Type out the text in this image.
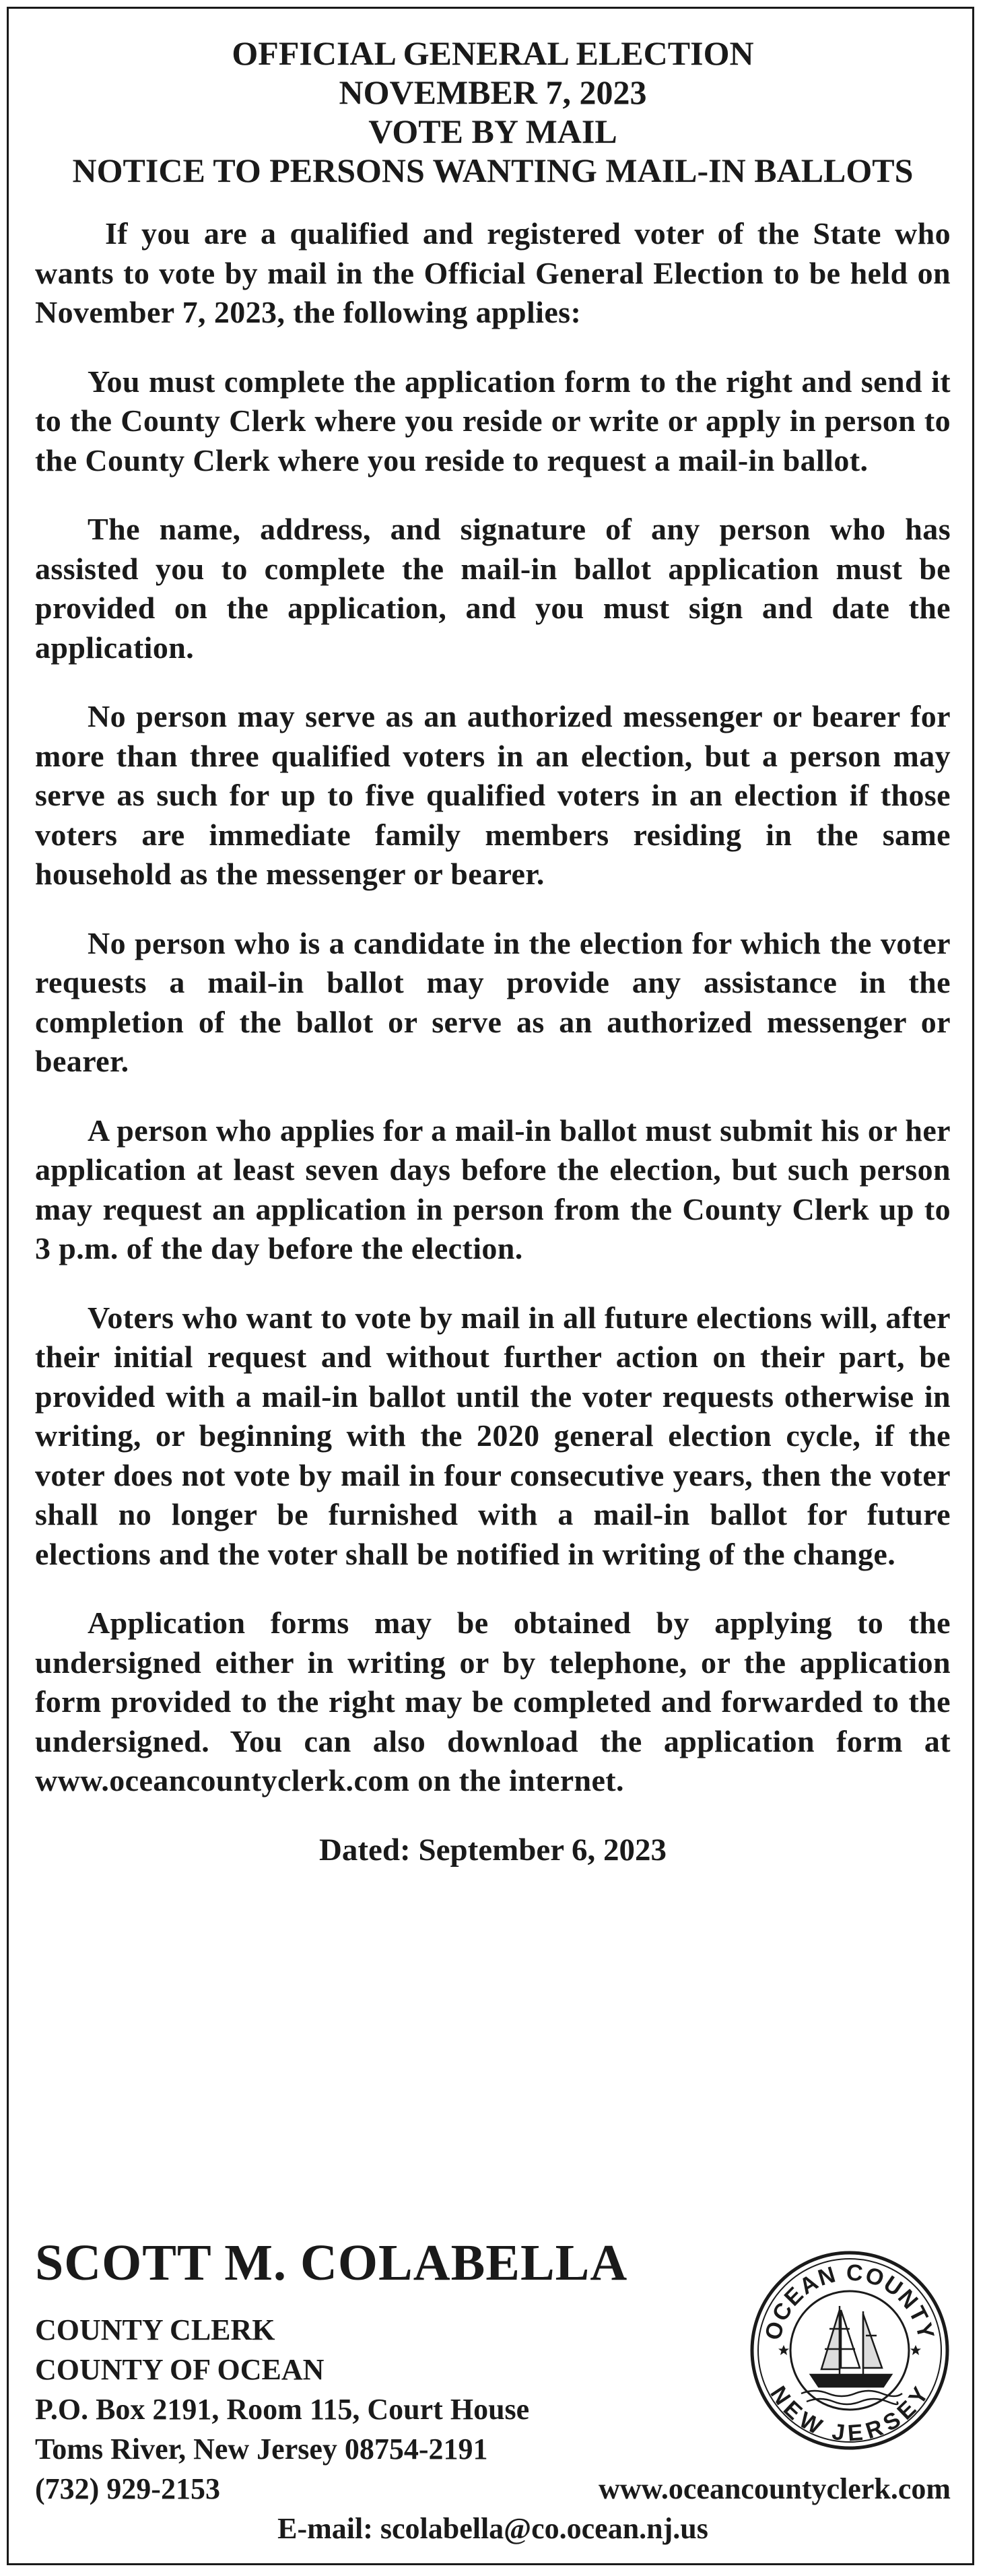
OFFICIAL GENERAL ELECTION
NOVEMBER 7, 2023
VOTE BY MAIL
NOTICE TO PERSONS WANTING MAIL-IN BALLOTS

If you are a qualified and registered voter of the State who wants to vote by mail in the Official General Election to be held on November 7, 2023, the following applies:

You must complete the application form to the right and send it to the County Clerk where you reside or write or apply in person to the County Clerk where you reside to request a mail-in ballot.

The name, address, and signature of any person who has assisted you to complete the mail-in ballot application must be provided on the application, and you must sign and date the application.

No person may serve as an authorized messenger or bearer for more than three qualified voters in an election, but a person may serve as such for up to five qualified voters in an election if those voters are immediate family members residing in the same household as the messenger or bearer.

No person who is a candidate in the election for which the voter requests a mail-in ballot may provide any assistance in the completion of the ballot or serve as an authorized messenger or bearer.

A person who applies for a mail-in ballot must submit his or her application at least seven days before the election, but such person may request an application in person from the County Clerk up to 3 p.m. of the day before the election.

Voters who want to vote by mail in all future elections will, after their initial request and without further action on their part, be provided with a mail-in ballot until the voter requests otherwise in writing, or beginning with the 2020 general election cycle, if the voter does not vote by mail in four consecutive years, then the voter shall no longer be furnished with a mail-in ballot for future elections and the voter shall be notified in writing of the change.

Application forms may be obtained by applying to the undersigned either in writing or by telephone, or the application form provided to the right may be completed and forwarded to the undersigned. You can also download the application form at www.oceancountyclerk.com on the internet.

Dated: September 6, 2023

SCOTT M. COLABELLA

COUNTY CLERK
COUNTY OF OCEAN
P.O. Box 2191, Room 115, Court House
Toms River, New Jersey 08754-2191
(732) 929-2153	www.oceancountyclerk.com
E-mail: scolabella@co.ocean.nj.us
OCEAN COUNTY
NEW JERSEY
